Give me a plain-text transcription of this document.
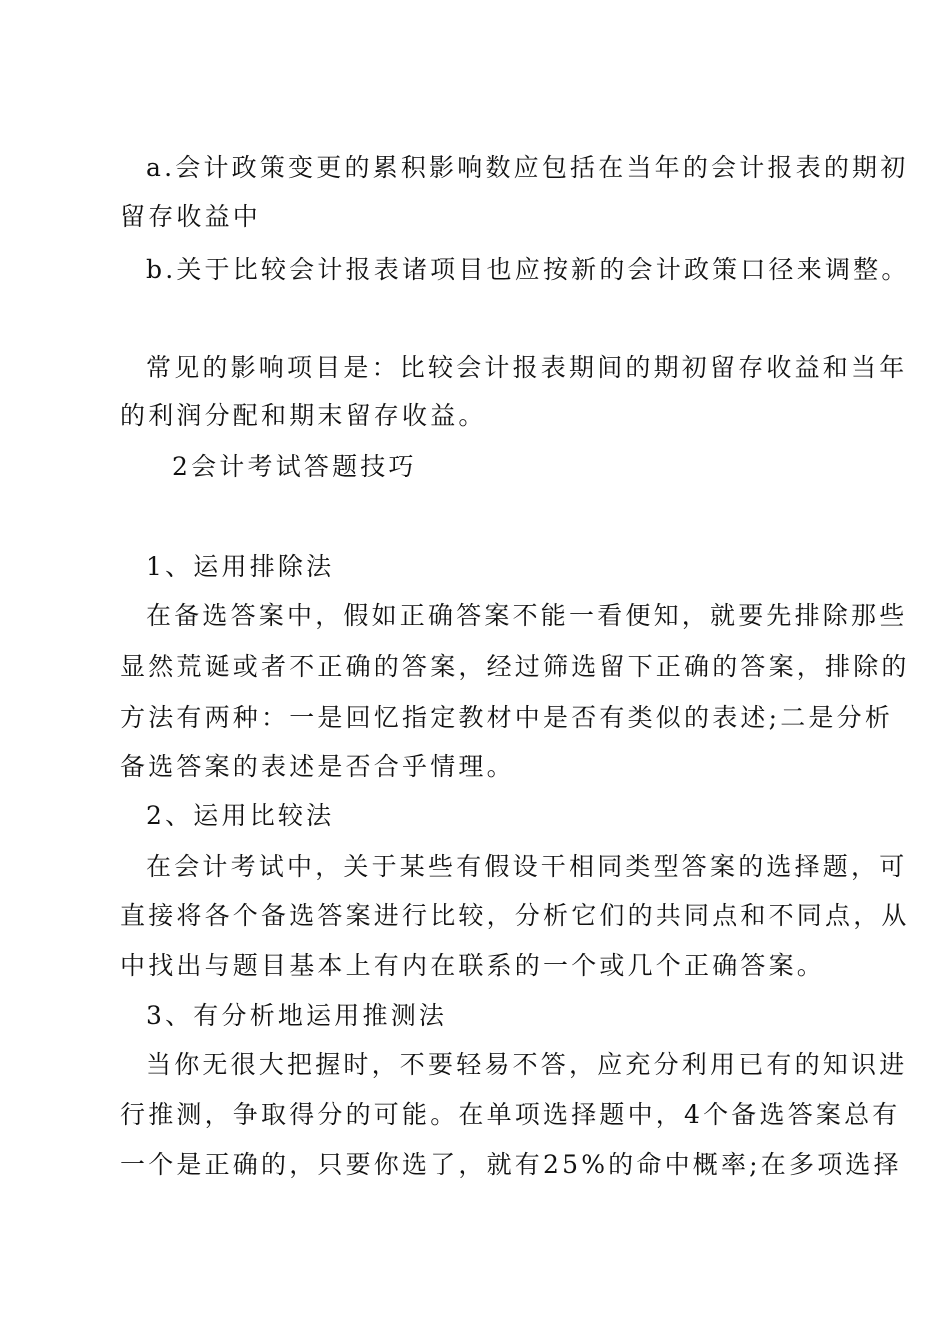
a.会计政策变更的累积影响数应包括在当年的会计报表的期初
留存收益中
b.关于比较会计报表诸项目也应按新的会计政策口径来调整。
常见的影响项目是：比较会计报表期间的期初留存收益和当年
的利润分配和期末留存收益。
2会计考试答题技巧
1、运用排除法
在备选答案中，假如正确答案不能一看便知，就要先排除那些
显然荒诞或者不正确的答案，经过筛选留下正确的答案，排除的
方法有两种：一是回忆指定教材中是否有类似的表述;二是分析
备选答案的表述是否合乎情理。
2、运用比较法
在会计考试中，关于某些有假设干相同类型答案的选择题，可
直接将各个备选答案进行比较，分析它们的共同点和不同点，从
中找出与题目基本上有内在联系的一个或几个正确答案。
3、有分析地运用推测法
当你无很大把握时，不要轻易不答，应充分利用已有的知识进
行推测，争取得分的可能。在单项选择题中，4个备选答案总有
一个是正确的，只要你选了，就有25%的命中概率;在多项选择
